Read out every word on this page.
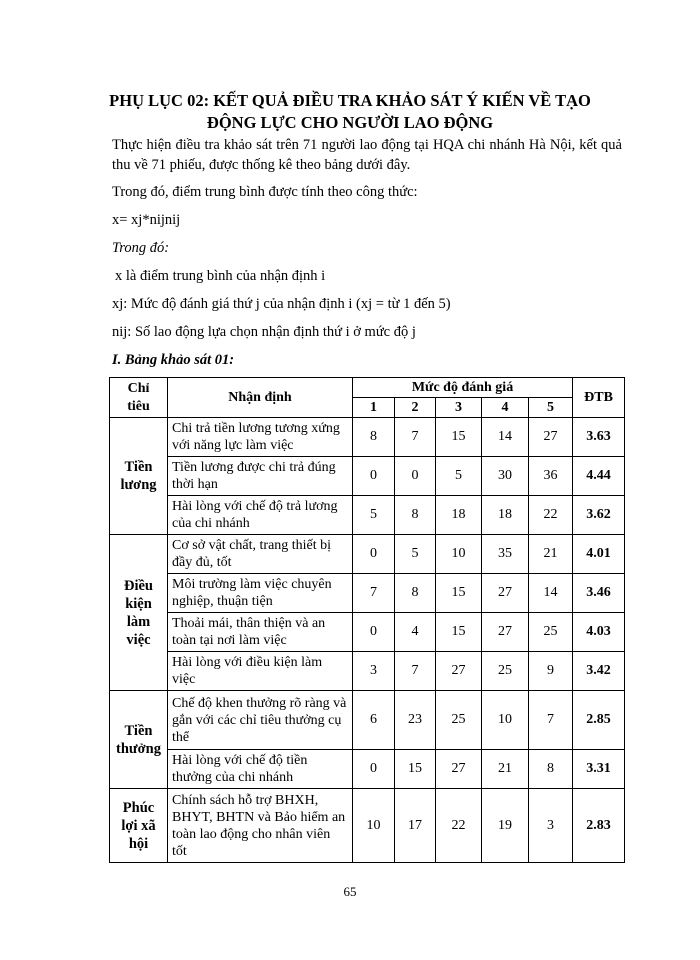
PHỤ LỤC 02: KẾT QUẢ ĐIỀU TRA KHẢO SÁT Ý KIẾN VỀ TẠO
ĐỘNG LỰC CHO NGƯỜI LAO ĐỘNG
Thực hiện điều tra khảo sát trên 71 người lao động tại HQA chi nhánh Hà Nội, kết quả thu về 71 phiếu, được thống kê theo bảng dưới đây.
Trong đó, điểm trung bình được tính theo công thức:
x= xj*nijnij
Trong đó:
x là điểm trung bình của nhận định i
xj: Mức độ đánh giá thứ j của nhận định i (xj = từ 1 đến 5)
nij: Số lao động lựa chọn nhận định thứ i ở mức độ j
I. Bảng khảo sát 01:
Chỉ tiêu	Nhận định	Mức độ đánh giá					ĐTB
		1	2	3	4	5	
Tiền lương	Chi trả tiền lương tương xứng với năng lực làm việc	8	7	15	14	27	3.63
	Tiền lương được chi trả đúng thời hạn	0	0	5	30	36	4.44
	Hài lòng với chế độ trả lương của chi nhánh	5	8	18	18	22	3.62
Điều kiện làm việc	Cơ sở vật chất, trang thiết bị đầy đủ, tốt	0	5	10	35	21	4.01
	Môi trường làm việc chuyên nghiệp, thuận tiện	7	8	15	27	14	3.46
	Thoải mái, thân thiện và an toàn tại nơi làm việc	0	4	15	27	25	4.03
	Hài lòng với điều kiện làm việc	3	7	27	25	9	3.42
Tiền thưởng	Chế độ khen thưởng rõ ràng và gắn với các chỉ tiêu thưởng cụ thể	6	23	25	10	7	2.85
	Hài lòng với chế độ tiền thưởng của chi nhánh	0	15	27	21	8	3.31
Phúc lợi xã hội	Chính sách hỗ trợ BHXH, BHYT, BHTN và Bảo hiểm an toàn lao động cho nhân viên tốt	10	17	22	19	3	2.83
65
